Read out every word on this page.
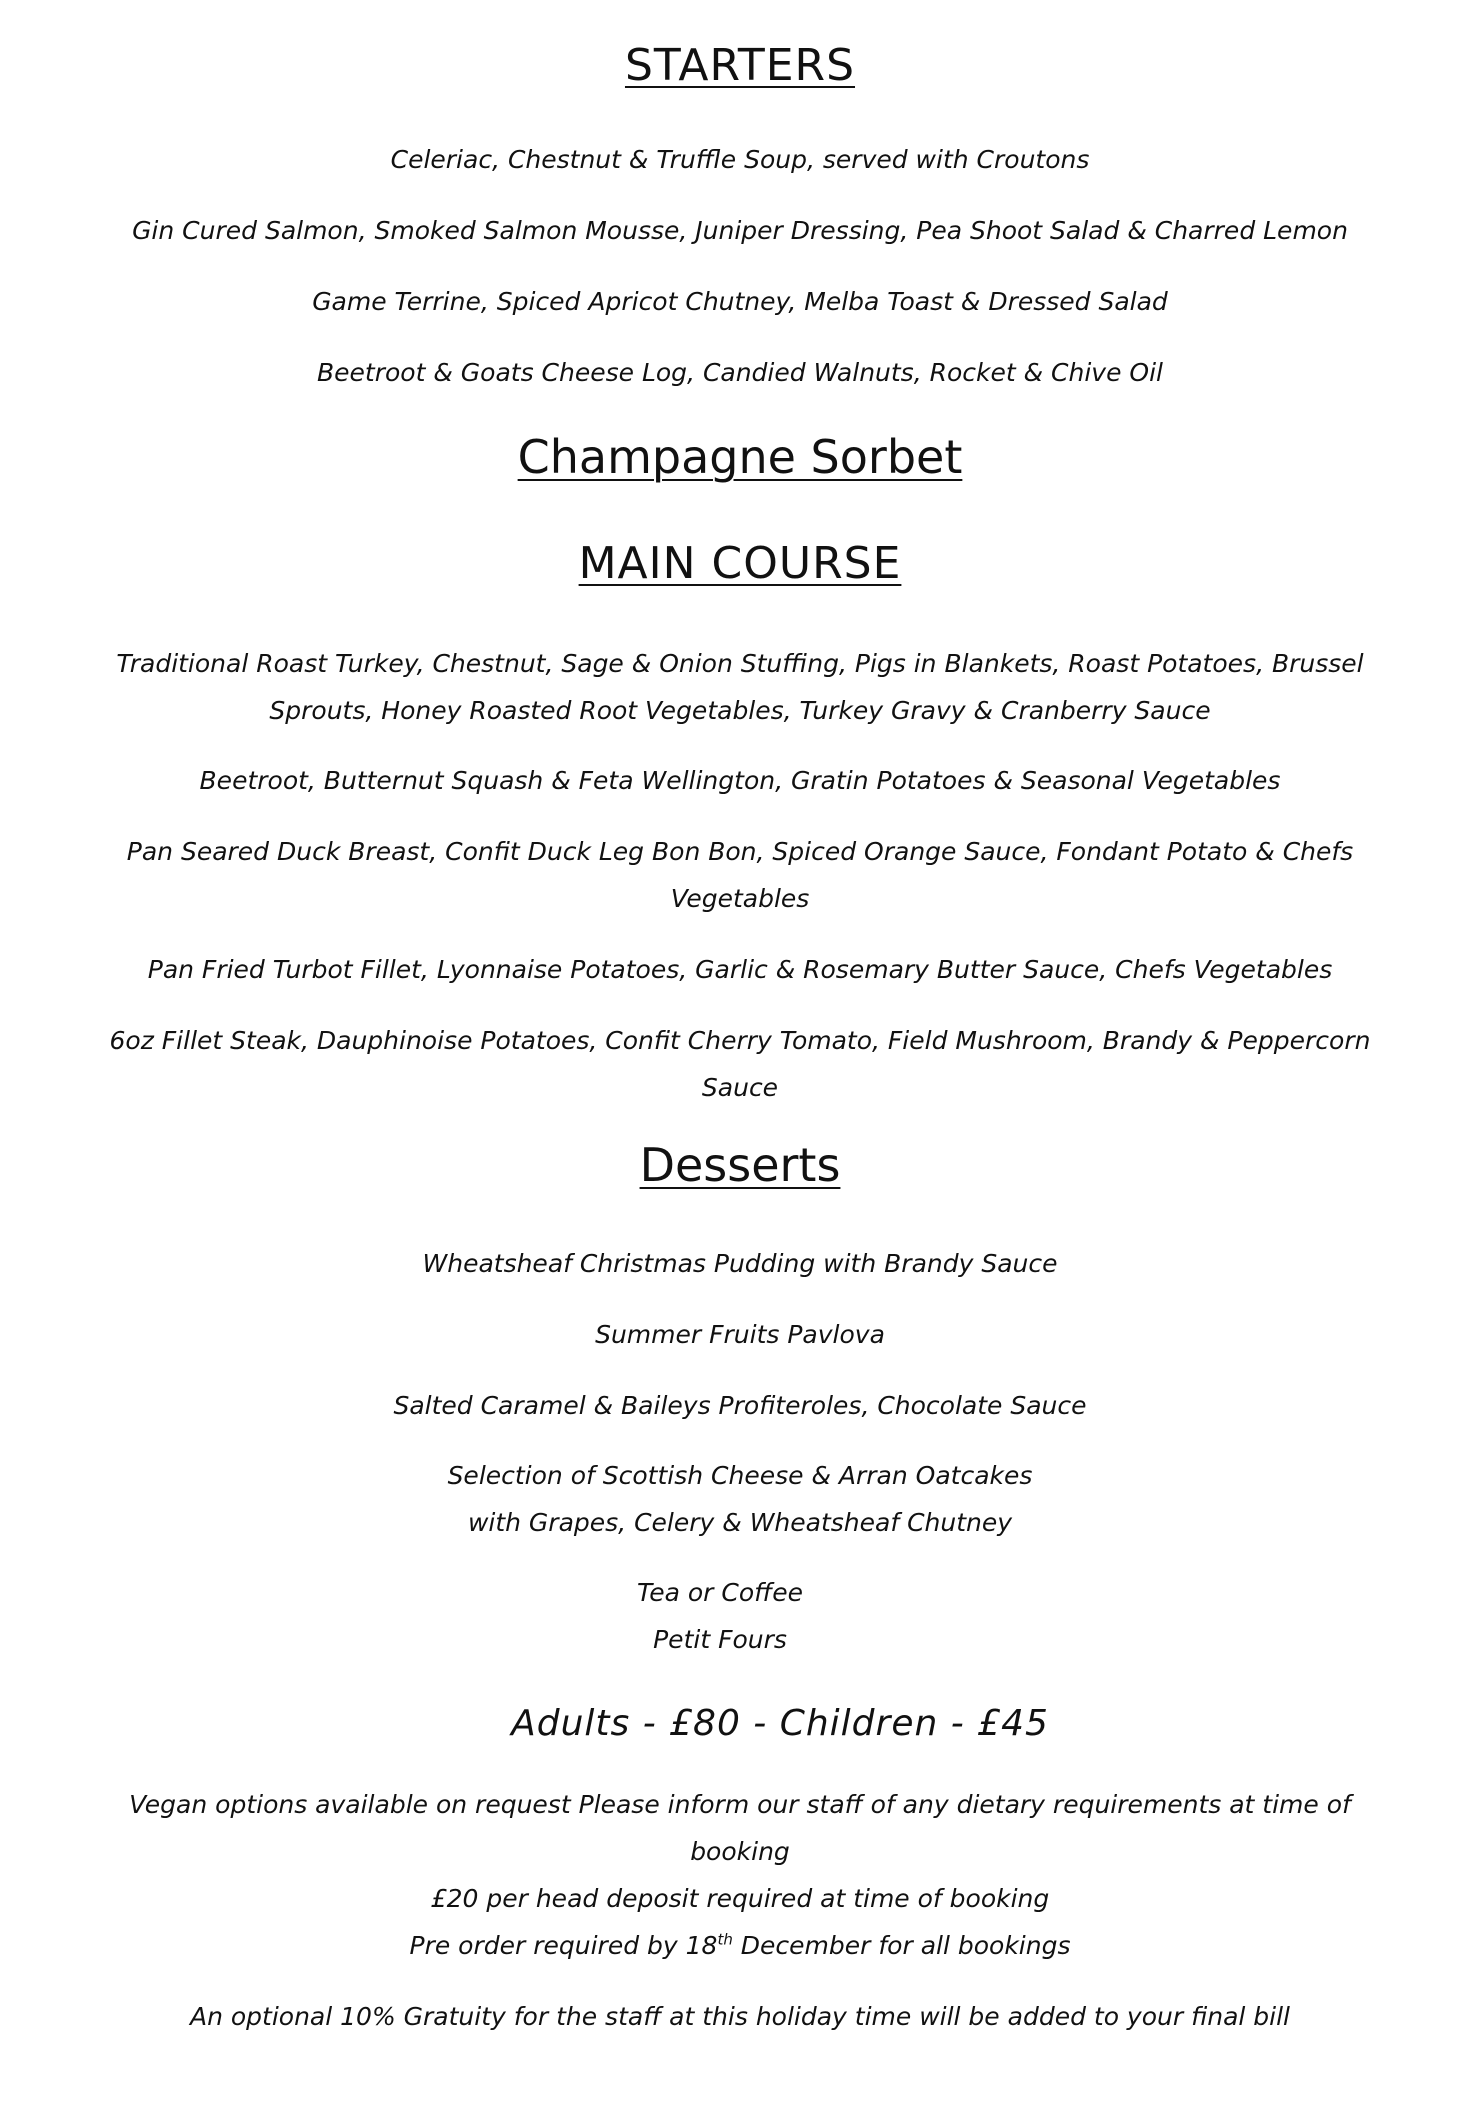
STARTERS

Celeriac, Chestnut & Truffle Soup, served with Croutons

Gin Cured Salmon, Smoked Salmon Mousse, Juniper Dressing, Pea Shoot Salad & Charred Lemon

Game Terrine, Spiced Apricot Chutney, Melba Toast & Dressed Salad

Beetroot & Goats Cheese Log, Candied Walnuts, Rocket & Chive Oil

Champagne Sorbet
MAIN COURSE

Traditional Roast Turkey, Chestnut, Sage & Onion Stuffing, Pigs in Blankets, Roast Potatoes, Brussel Sprouts, Honey Roasted Root Vegetables, Turkey Gravy & Cranberry Sauce

Beetroot, Butternut Squash & Feta Wellington, Gratin Potatoes & Seasonal Vegetables

Pan Seared Duck Breast, Confit Duck Leg Bon Bon, Spiced Orange Sauce, Fondant Potato & Chefs Vegetables

Pan Fried Turbot Fillet, Lyonnaise Potatoes, Garlic & Rosemary Butter Sauce, Chefs Vegetables

6oz Fillet Steak, Dauphinoise Potatoes, Confit Cherry Tomato, Field Mushroom, Brandy & Peppercorn Sauce

Desserts

Wheatsheaf Christmas Pudding with Brandy Sauce

Summer Fruits Pavlova

Salted Caramel & Baileys Profiteroles, Chocolate Sauce

Selection of Scottish Cheese & Arran Oatcakes
with Grapes, Celery & Wheatsheaf Chutney
Tea or Coffee
Petit Fours

Adults - £80 - Children - £45

Vegan options available on request Please inform our staff of any dietary requirements at time of booking

£20 per head deposit required at time of booking

Pre order required by 18th December for all bookings

An optional 10% Gratuity for the staff at this holiday time will be added to your final bill
